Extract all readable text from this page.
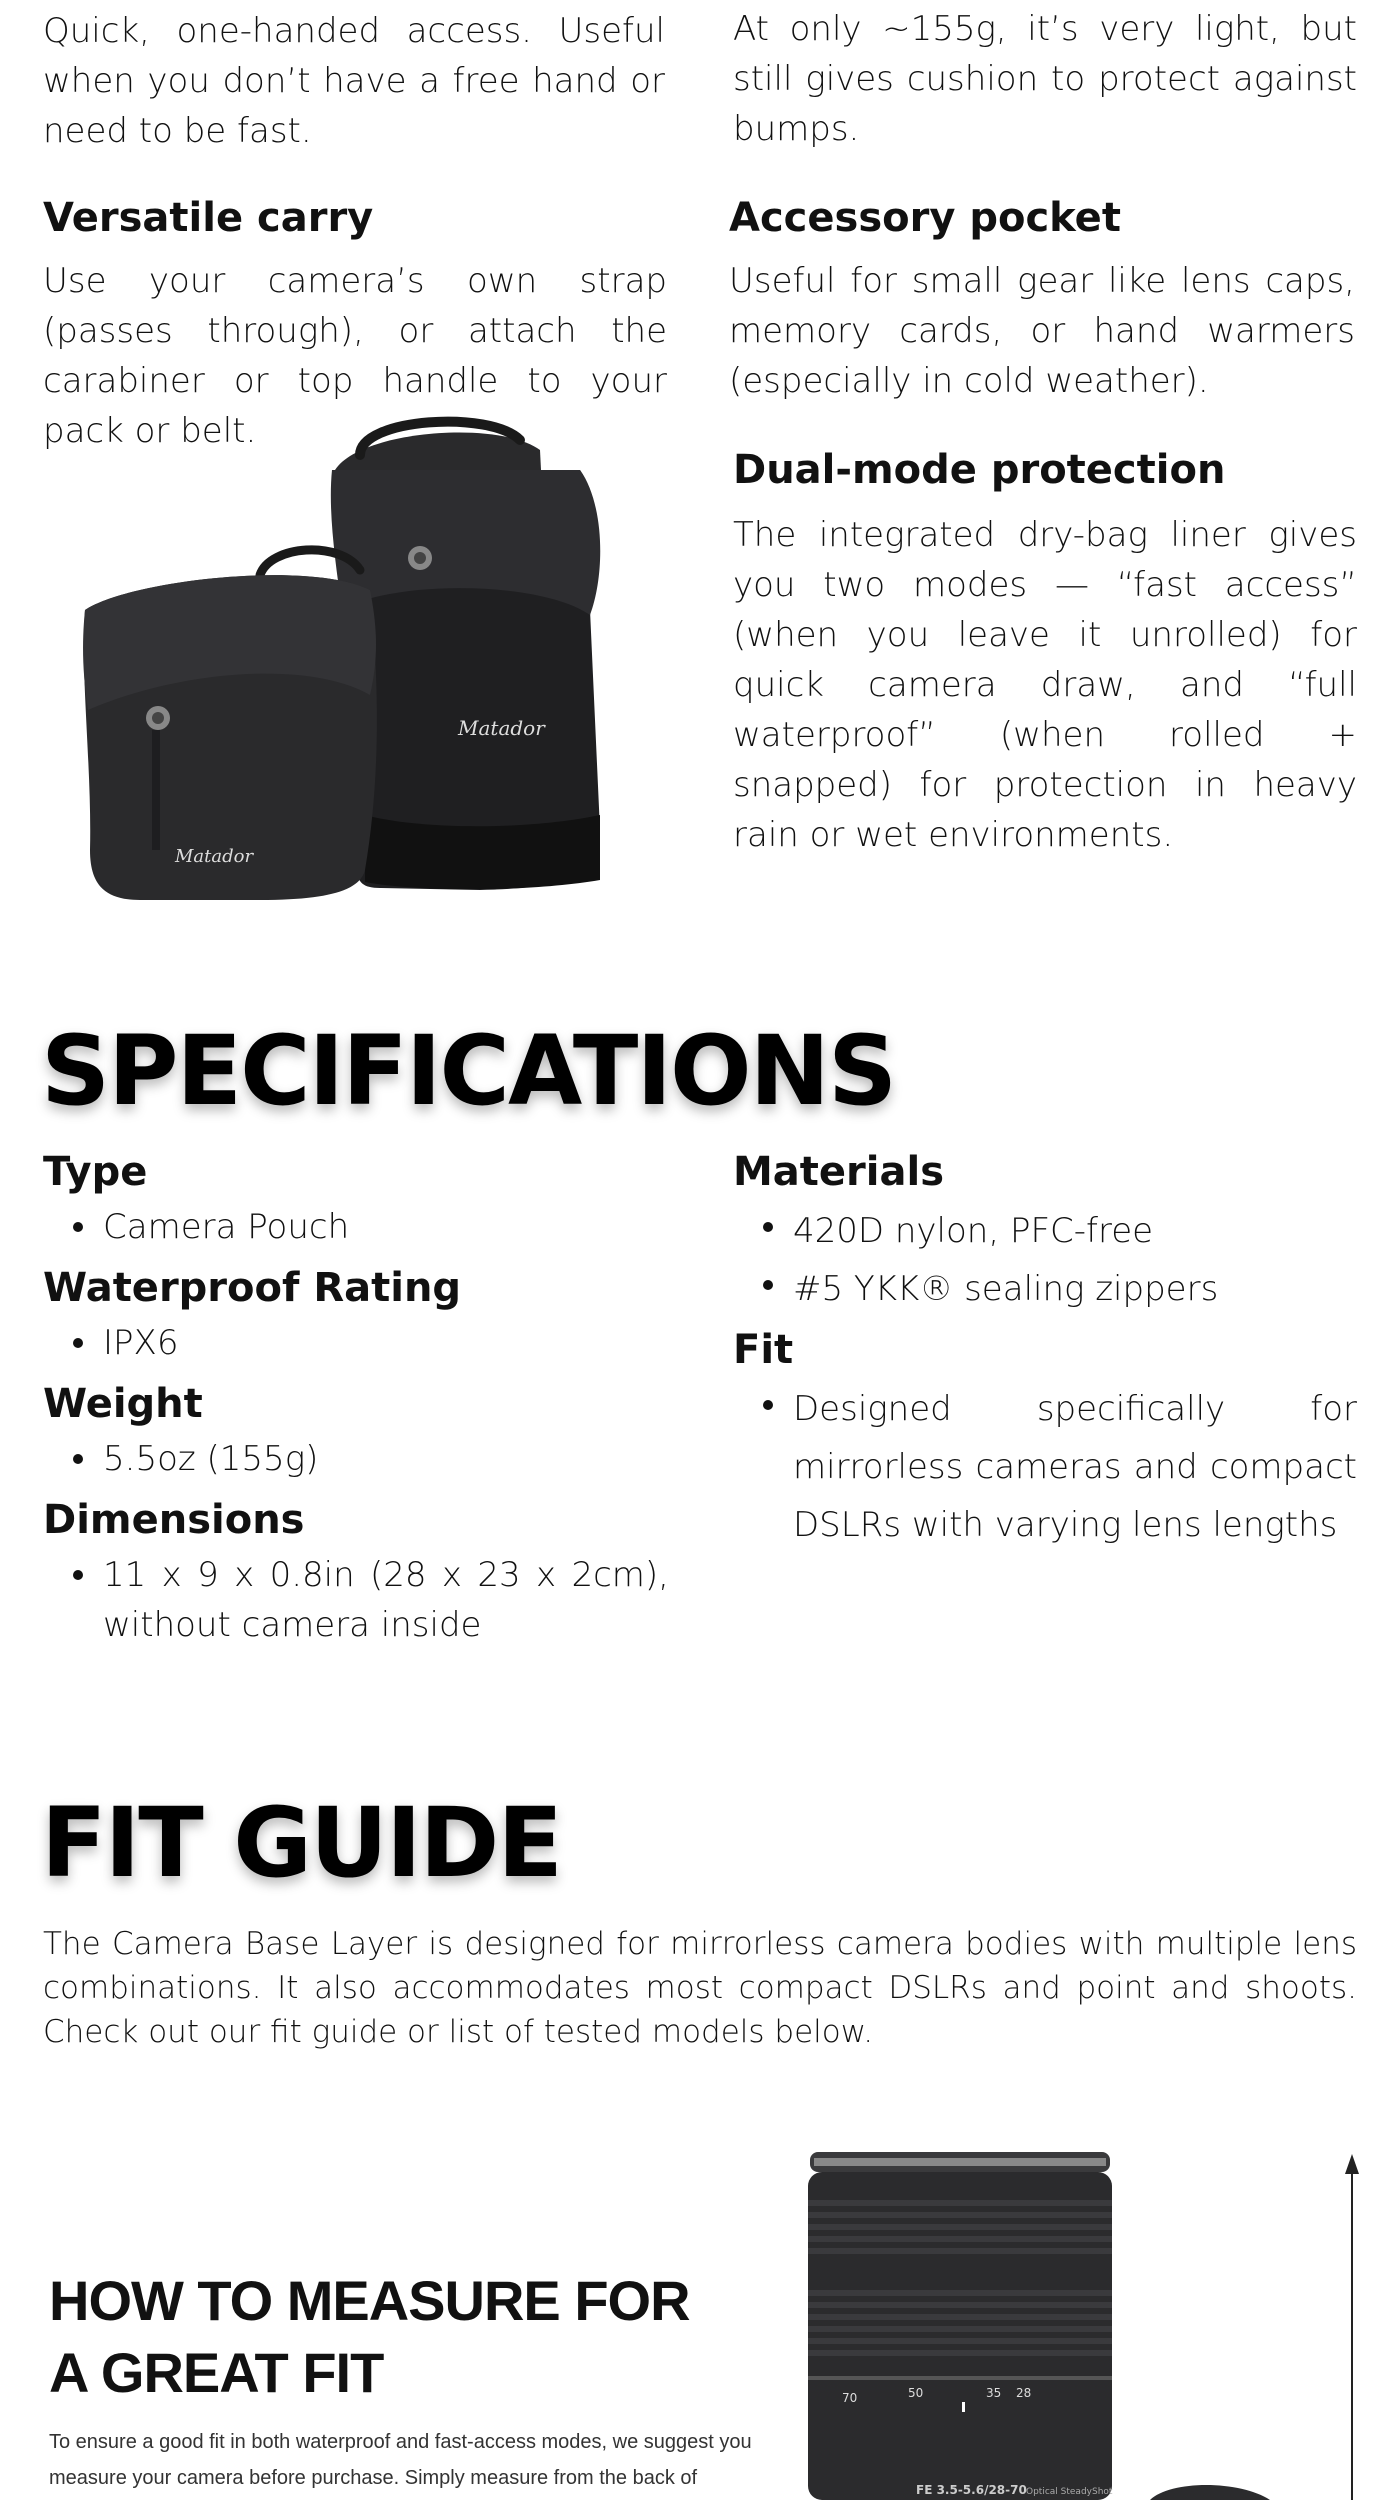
Quick, one-handed access. Useful when you don’t have a free hand or need to be fast.

At only ~155g, it’s very light, but still gives cushion to protect against bumps.

Versatile carry

Use your camera’s own strap (passes through), or attach the carabiner or top handle to your pack or belt.

Accessory pocket

Useful for small gear like lens caps, memory cards, or hand warmers (especially in cold weather).

Dual-mode protection

The integrated dry-bag liner gives you two modes — “fast access” (when you leave it unrolled) for quick camera draw, and “full waterproof” (when rolled + snapped) for protection in heavy rain or wet environments.

Matador
Matador
SPECIFICATIONS
Type
Camera Pouch
Waterproof Rating
IPX6
Weight
5.5oz (155g)
Dimensions
11 x 9 x 0.8in (28 x 23 x 2cm), without camera inside
Materials
420D nylon, PFC-free
#5 YKK® sealing zippers
Fit
Designed specifically for mirrorless cameras and compact DSLRs with varying lens lengths
FIT GUIDE

The Camera Base Layer is designed for mirrorless camera bodies with multiple lens combinations. It also accommodates most compact DSLRs and point and shoots. Check out our fit guide or list of tested models below.

HOW TO MEASURE FOR A GREAT FIT

To ensure a good fit in both waterproof and fast-access modes, we suggest you measure your camera before purchase. Simply measure from the back of

70	50	35 28
FE 3.5-5.6/28-70 Optical SteadyShot
